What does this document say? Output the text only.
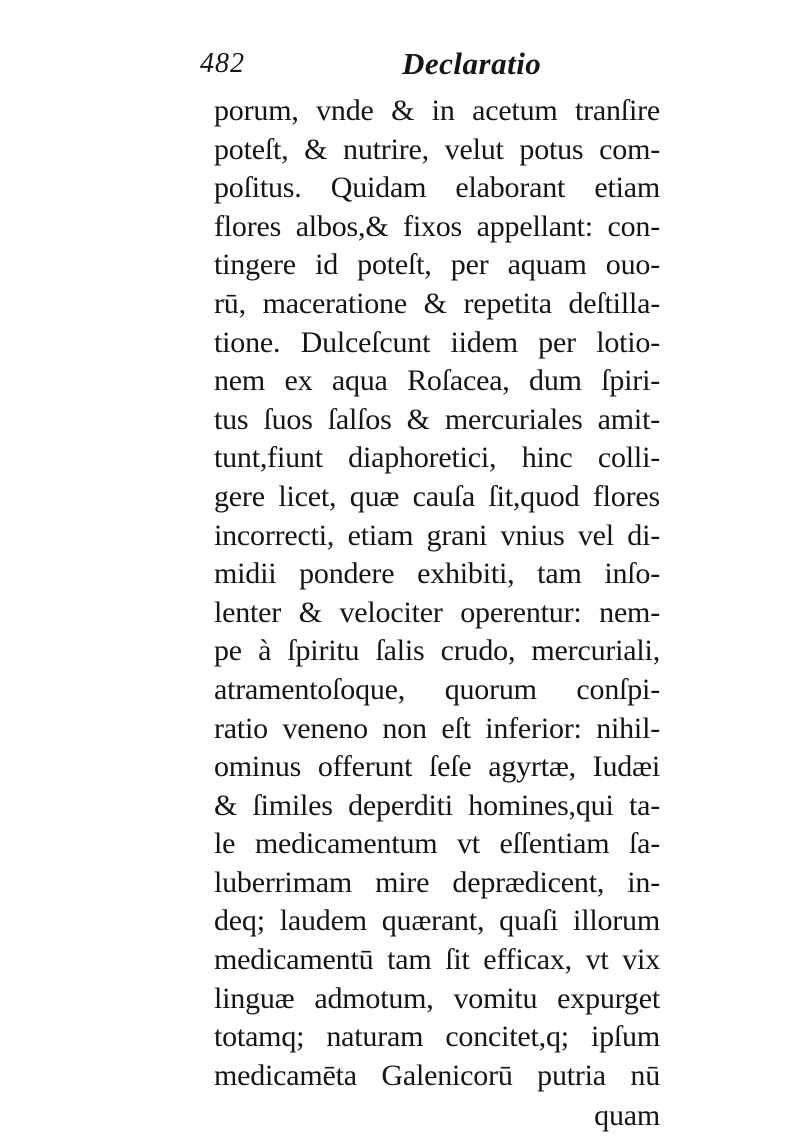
482	Declaratio
porum, vnde & in acetum tranſire
poteſt, & nutrire, velut potus com-
poſitus. Quidam elaborant etiam
flores albos,& fixos appellant: con-
tingere id poteſt, per aquam ouo-
rū, maceratione & repetita deſtilla-
tione. Dulceſcunt iidem per lotio-
nem ex aqua Roſacea, dum ſpiri-
tus ſuos ſalſos & mercuriales amit-
tunt,fiunt diaphoretici, hinc colli-
gere licet, quæ cauſa ſit,quod flores
incorrecti, etiam grani vnius vel di-
midii pondere exhibiti, tam inſo-
lenter & velociter operentur: nem-
pe à ſpiritu ſalis crudo, mercuriali,
atramentoſoque, quorum conſpi-
ratio veneno non eſt inferior: nihil-
ominus offerunt ſeſe agyrtæ, Iudæi
& ſimiles deperditi homines,qui ta-
le medicamentum vt eſſentiam ſa-
luberrimam mire deprædicent, in-
deq; laudem quærant, quaſi illorum
medicamentū tam ſit efficax, vt vix
linguæ admotum, vomitu expurget
totamq; naturam concitet,q; ipſum
medicamēta Galenicorū putria nū
quam
